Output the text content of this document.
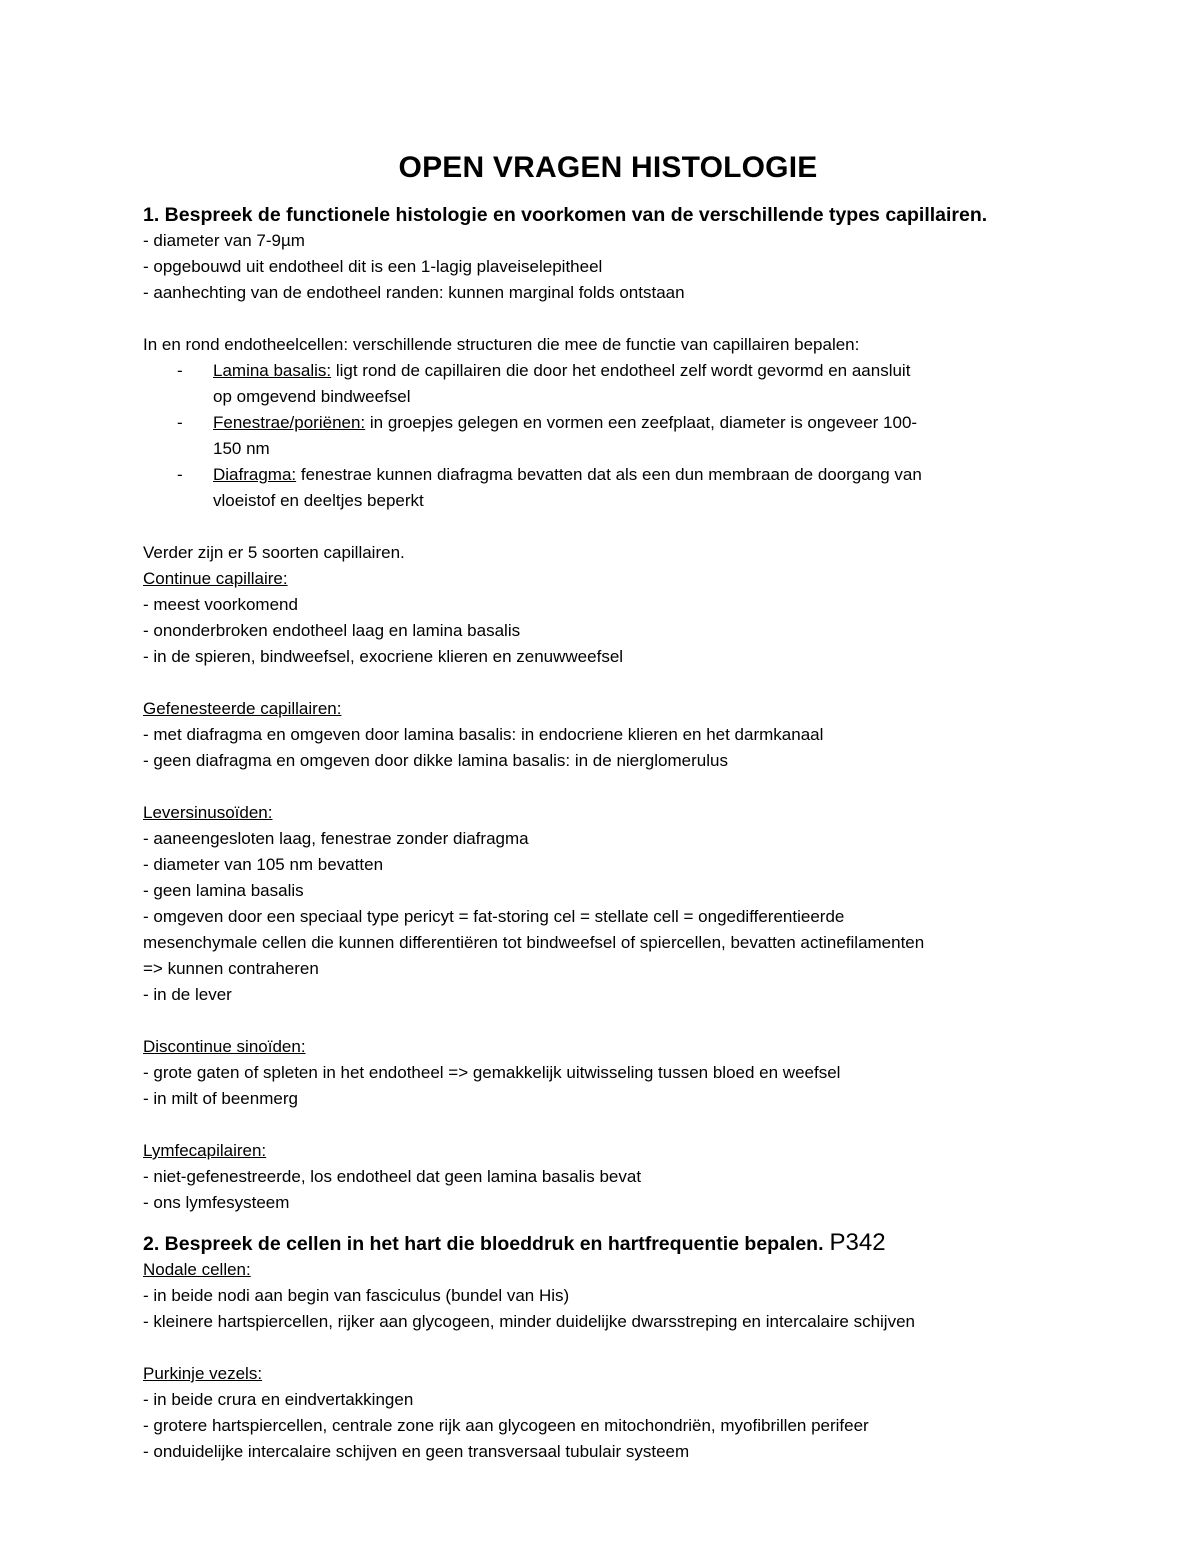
OPEN VRAGEN HISTOLOGIE

1. Bespreek de functionele histologie en voorkomen van de verschillende types capillairen.

- diameter van 7-9µm

- opgebouwd uit endotheel dit is een 1-lagig plaveiselepitheel

- aanhechting van de endotheel randen: kunnen marginal folds ontstaan

In en rond endotheelcellen: verschillende structuren die mee de functie van capillairen bepalen:

- Lamina basalis: ligt rond de capillairen die door het endotheel zelf wordt gevormd en aansluit
op omgevend bindweefsel
- Fenestrae/poriënen: in groepjes gelegen en vormen een zeefplaat, diameter is ongeveer 100-
150 nm
- Diafragma: fenestrae kunnen diafragma bevatten dat als een dun membraan de doorgang van
vloeistof en deeltjes beperkt

Verder zijn er 5 soorten capillairen.

Continue capillaire:

- meest voorkomend

- ononderbroken endotheel laag en lamina basalis

- in de spieren, bindweefsel, exocriene klieren en zenuwweefsel

Gefenesteerde capillairen:

- met diafragma en omgeven door lamina basalis: in endocriene klieren en het darmkanaal

- geen diafragma en omgeven door dikke lamina basalis: in de nierglomerulus

Leversinusoïden:

- aaneengesloten laag, fenestrae zonder diafragma

- diameter van 105 nm bevatten

- geen lamina basalis

- omgeven door een speciaal type pericyt = fat-storing cel = stellate cell = ongedifferentieerde

mesenchymale cellen die kunnen differentiëren tot bindweefsel of spiercellen, bevatten actinefilamenten

=> kunnen contraheren

- in de lever

Discontinue sinoïden:

- grote gaten of spleten in het endotheel => gemakkelijk uitwisseling tussen bloed en weefsel

- in milt of beenmerg

Lymfecapilairen:

- niet-gefenestreerde, los endotheel dat geen lamina basalis bevat

- ons lymfesysteem

2. Bespreek de cellen in het hart die bloeddruk en hartfrequentie bepalen. P342

Nodale cellen:

- in beide nodi aan begin van fasciculus (bundel van His)

- kleinere hartspiercellen, rijker aan glycogeen, minder duidelijke dwarsstreping en intercalaire schijven

Purkinje vezels:

- in beide crura en eindvertakkingen

- grotere hartspiercellen, centrale zone rijk aan glycogeen en mitochondriën, myofibrillen perifeer

- onduidelijke intercalaire schijven en geen transversaal tubulair systeem
